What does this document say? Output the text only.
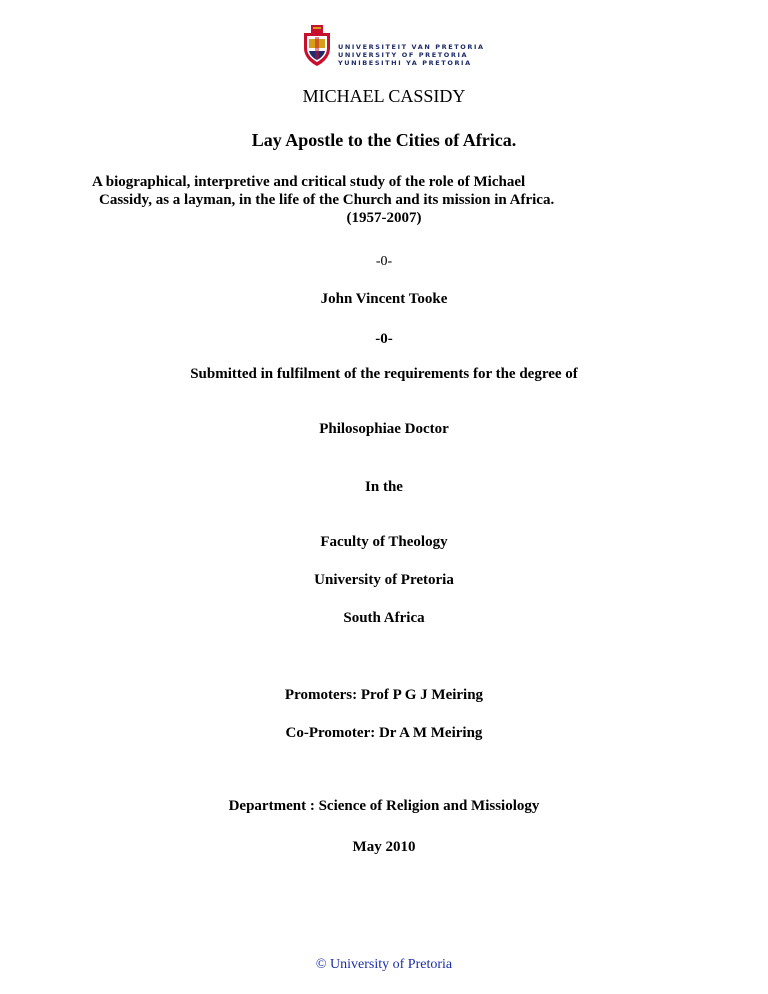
UNIVERSITEIT VAN PRETORIA
UNIVERSITY OF PRETORIA
YUNIBESITHI YA PRETORIA
MICHAEL CASSIDY
Lay Apostle to the Cities of Africa.
A biographical, interpretive and critical study of the role of Michael
Cassidy, as a layman, in the life of the Church and its mission in Africa.
(1957-2007)
-0-
John Vincent Tooke
-0-
Submitted in fulfilment of the requirements for the degree of
Philosophiae Doctor
In the
Faculty of Theology
University of Pretoria
South Africa
Promoters: Prof P G J Meiring
Co-Promoter: Dr A M Meiring
Department : Science of Religion and Missiology
May 2010
© University of Pretoria
